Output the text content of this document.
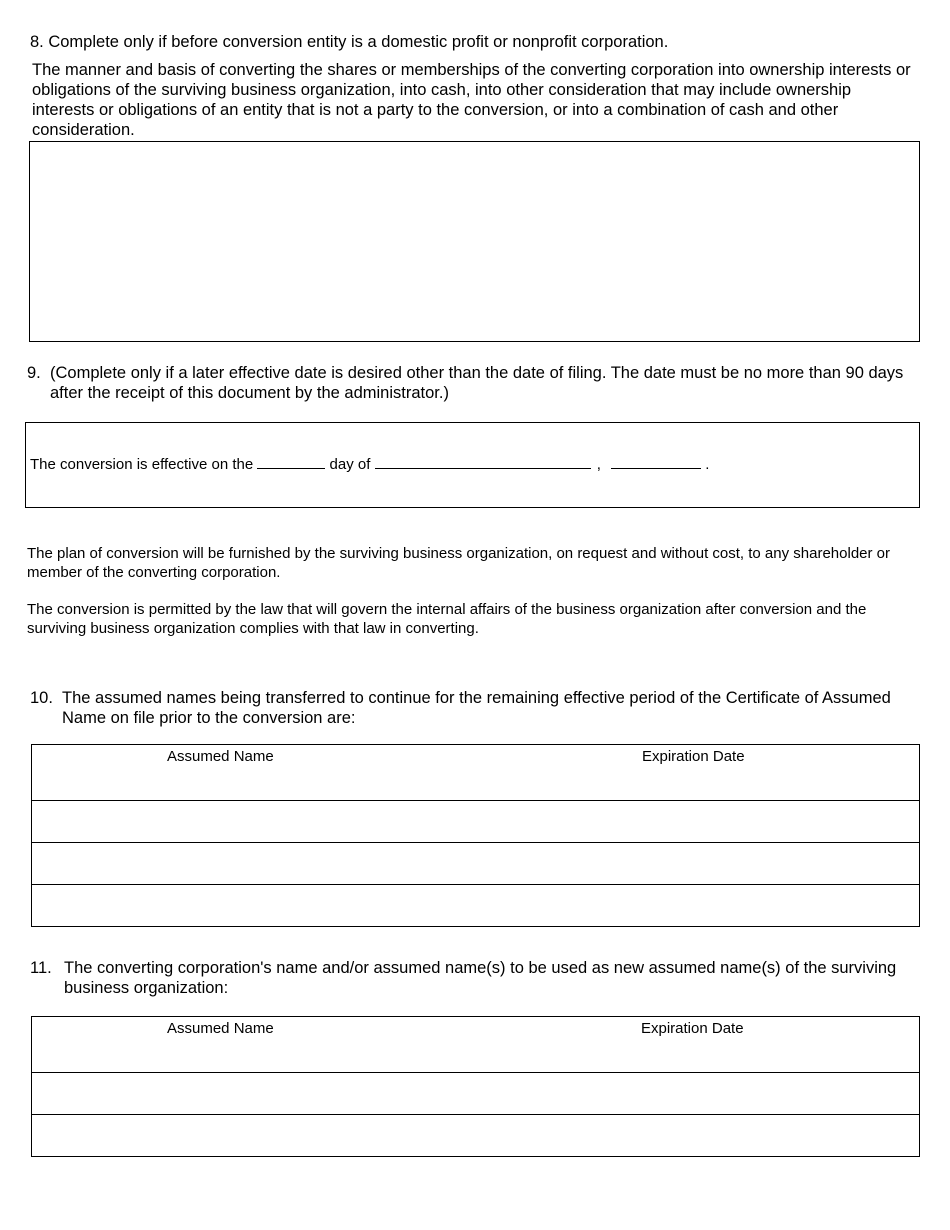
8. Complete only if before conversion entity is a domestic profit or nonprofit corporation.
The manner and basis of converting the shares or memberships of the converting corporation into ownership interests or obligations of the surviving business organization, into cash, into other consideration that may include ownership interests or obligations of an entity that is not a party to the conversion, or into a combination of cash and other consideration.
9. (Complete only if a later effective date is desired other than the date of filing. The date must be no more than 90 days after the receipt of this document by the administrator.)
The conversion is effective on the	day of	,	.
The plan of conversion will be furnished by the surviving business organization, on request and without cost, to any shareholder or member of the converting corporation.
The conversion is permitted by the law that will govern the internal affairs of the business organization after conversion and the surviving business organization complies with that law in converting.
10. The assumed names being transferred to continue for the remaining effective period of the Certificate of Assumed Name on file prior to the conversion are:
Assumed Name	Expiration Date
11. The converting corporation's name and/or assumed name(s) to be used as new assumed name(s) of the surviving business organization:
Assumed Name	Expiration Date
